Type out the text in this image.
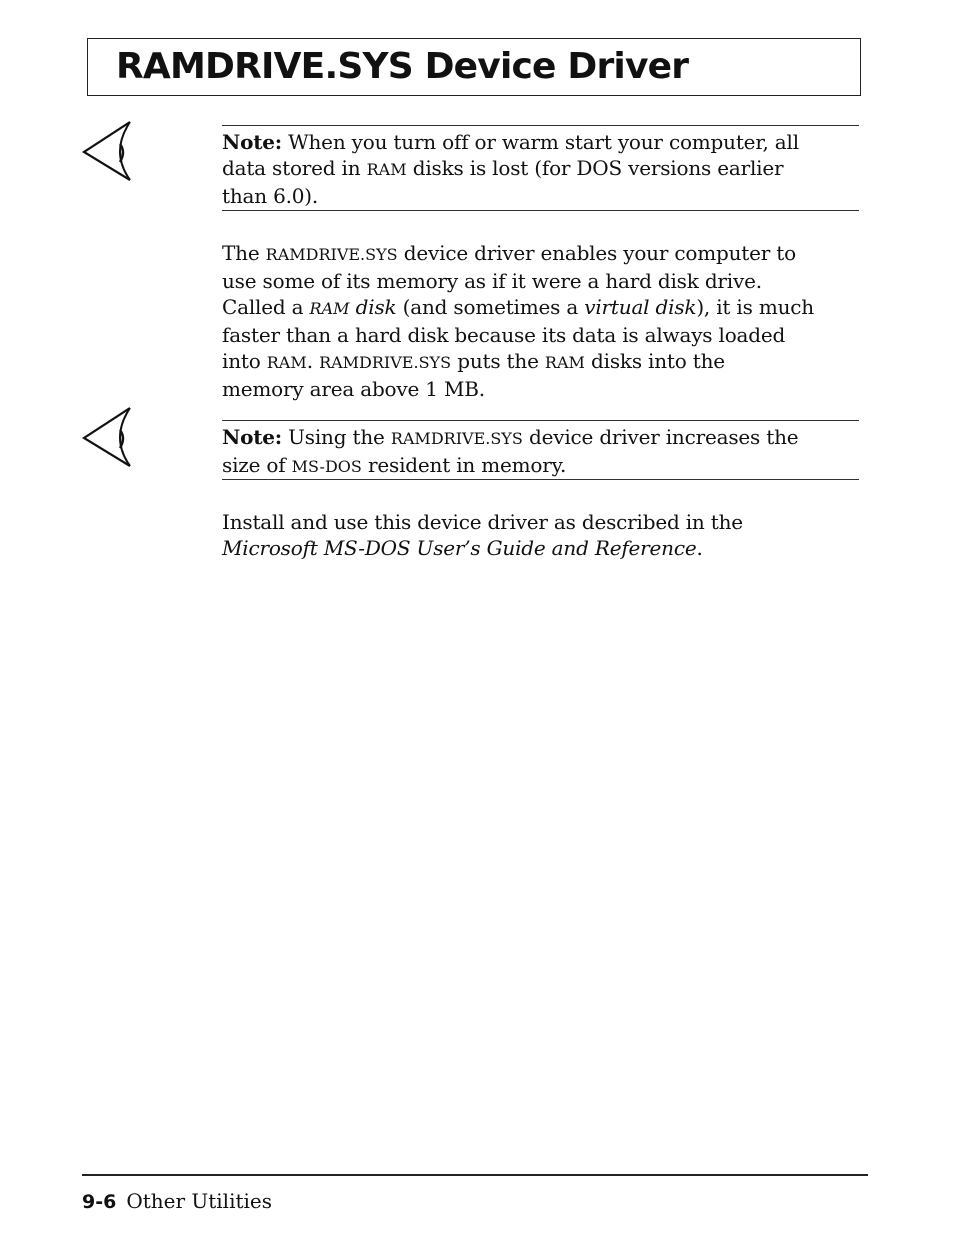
RAMDRIVE.SYS Device Driver
Note: When you turn off or warm start your computer, all
data stored in RAM disks is lost (for DOS versions earlier
than 6.0).
The RAMDRIVE.SYS device driver enables your computer to
use some of its memory as if it were a hard disk drive.
Called a RAM disk (and sometimes a virtual disk), it is much
faster than a hard disk because its data is always loaded
into RAM. RAMDRIVE.SYS puts the RAM disks into the
memory area above 1 MB.
Note: Using the RAMDRIVE.SYS device driver increases the
size of MS-DOS resident in memory.
Install and use this device driver as described in the
Microsoft MS-DOS User’s Guide and Reference.
9-6 Other Utilities
